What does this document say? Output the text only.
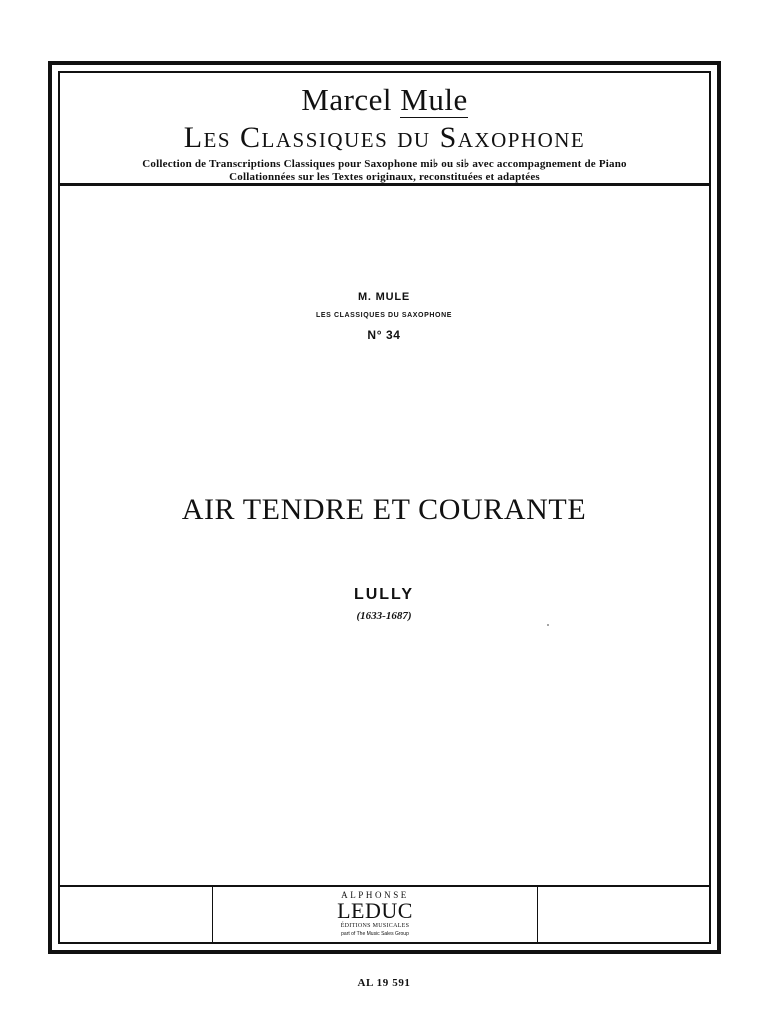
Marcel Mule
Les Classiques du Saxophone
Collection de Transcriptions Classiques pour Saxophone mi♭ ou si♭ avec accompagnement de Piano
Collationnées sur les Textes originaux, reconstituées et adaptées
M. MULE
LES CLASSIQUES DU SAXOPHONE
N° 34
AIR TENDRE ET COURANTE
LULLY
(1633-1687)
ALPHONSE
LEDUC
ÉDITIONS MUSICALES
part of The Music Sales Group
AL 19 591
